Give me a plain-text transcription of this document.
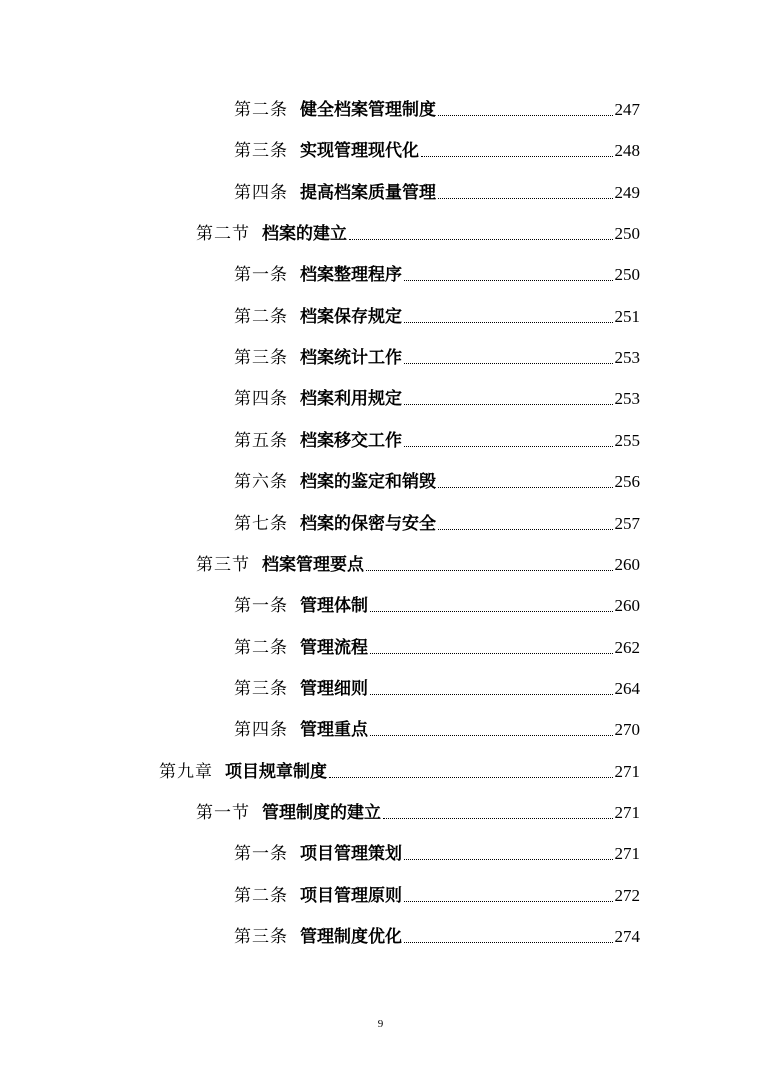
第二条 健全档案管理制度	247
第三条 实现管理现代化	248
第四条 提高档案质量管理	249
第二节 档案的建立	250
第一条 档案整理程序	250
第二条 档案保存规定	251
第三条 档案统计工作	253
第四条 档案利用规定	253
第五条 档案移交工作	255
第六条 档案的鉴定和销毁	256
第七条 档案的保密与安全	257
第三节 档案管理要点	260
第一条 管理体制	260
第二条 管理流程	262
第三条 管理细则	264
第四条 管理重点	270
第九章 项目规章制度	271
第一节 管理制度的建立	271
第一条 项目管理策划	271
第二条 项目管理原则	272
第三条 管理制度优化	274
9
